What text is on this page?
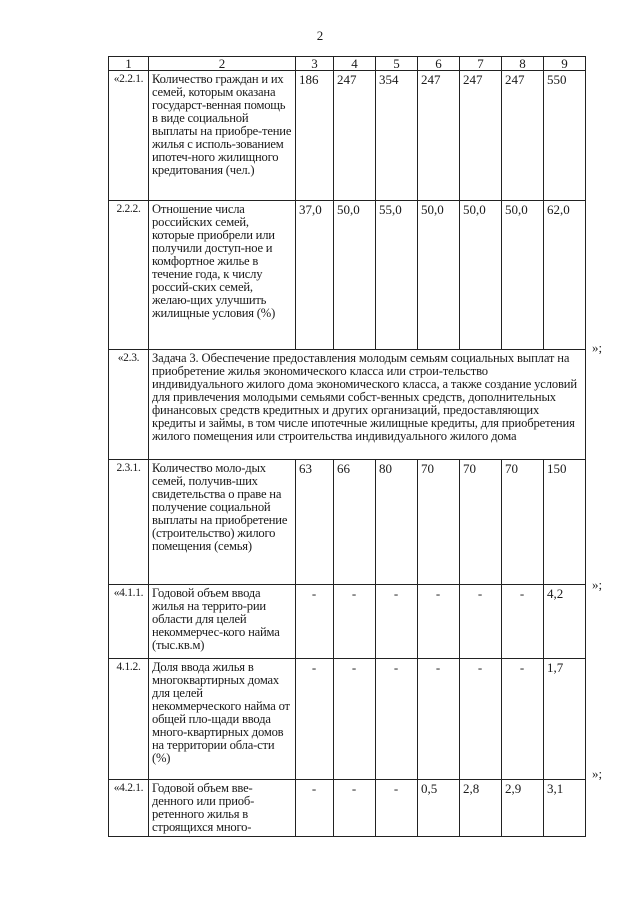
2
1	2	3	4	5	6	7	8	9
«2.2.1.	Количество граждан и их семей, которым оказана государст-венная помощь в виде социальной выплаты на приобре-тение жилья с исполь-зованием ипотеч-ного жилищного кредитования (чел.)	186	247	354	247	247	247	550
2.2.2.	Отношение числа российских семей, которые приобрели или получили доступ-ное и комфортное жилье в течение года, к числу россий-ских семей, желаю-щих улучшить жилищные условия (%)	37,0	50,0	55,0	50,0	50,0	50,0	62,0
«2.3.	Задача 3. Обеспечение предоставления молодым семьям социальных выплат на приобретение жилья экономического класса или строи-тельство индивидуального жилого дома экономического класса, а также создание условий для привлечения молодыми семьями собст-венных средств, дополнительных финансовых средств кредитных и других организаций, предоставляющих кредиты и займы, в том числе ипотечные жилищные кредиты, для приобретения жилого помещения или строительства индивидуального жилого дома							
2.3.1.	Количество моло-дых семей, получив-ших свидетельства о праве на получение социальной выплаты на приобретение (строительство) жилого помещения (семья)	63	66	80	70	70	70	150
«4.1.1.	Годовой объем ввода жилья на террито-рии области для целей некоммерчес-кого найма (тыс.кв.м)	-	-	-	-	-	-	4,2
4.1.2.	Доля ввода жилья в многоквартирных домах для целей некоммерческого найма от общей пло-щади ввода много-квартирных домов на территории обла-сти (%)	-	-	-	-	-	-	1,7
«4.2.1.	Годовой объем вве-денного или приоб-ретенного жилья в строящихся много-	-	-	-	0,5	2,8	2,9	3,1
»;
»;
»;
